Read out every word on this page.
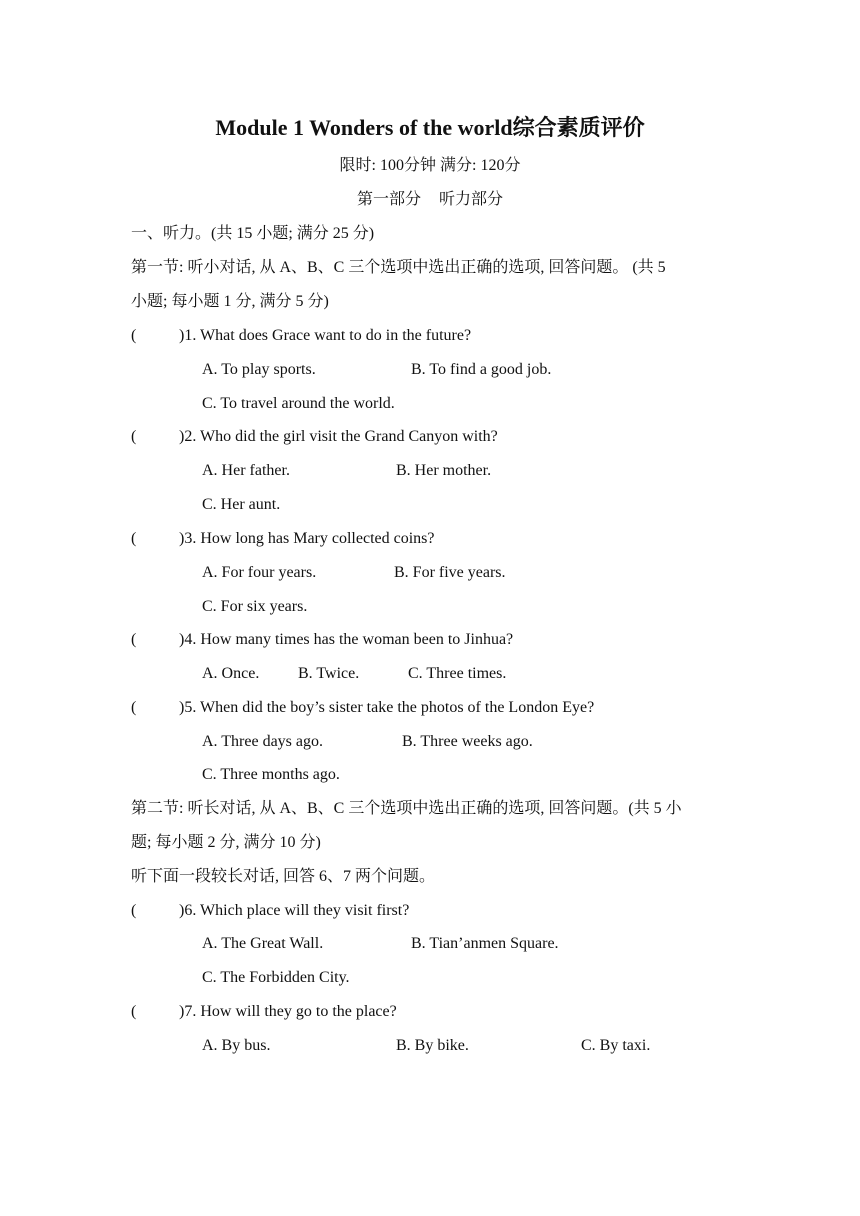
Module 1 Wonders of the world综合素质评价
限时: 100分钟 满分: 120分
第一部分 听力部分
一、听力。(共 15 小题; 满分 25 分)
第一节: 听小对话, 从 A、B、C 三个选项中选出正确的选项, 回答问题。 (共 5
小题; 每小题 1 分, 满分 5 分)
(	)1. What does Grace want to do in the future?
A. To play sports.	B. To find a good job.
C. To travel around the world.
(	)2. Who did the girl visit the Grand Canyon with?
A. Her father.	B. Her mother.
C. Her aunt.
(	)3. How long has Mary collected coins?
A. For four years.	B. For five years.
C. For six years.
(	)4. How many times has the woman been to Jinhua?
A. Once. B. Twice.	C. Three times.
(	)5. When did the boy’s sister take the photos of the London Eye?
A. Three days ago.	B. Three weeks ago.
C. Three months ago.
第二节: 听长对话, 从 A、B、C 三个选项中选出正确的选项, 回答问题。(共 5 小
题; 每小题 2 分, 满分 10 分)
听下面一段较长对话, 回答 6、7 两个问题。
(	)6. Which place will they visit first?
A. The Great Wall.	B. Tian’anmen Square.
C. The Forbidden City.
(	)7. How will they go to the place?
A. By bus.	B. By bike.	C. By taxi.
